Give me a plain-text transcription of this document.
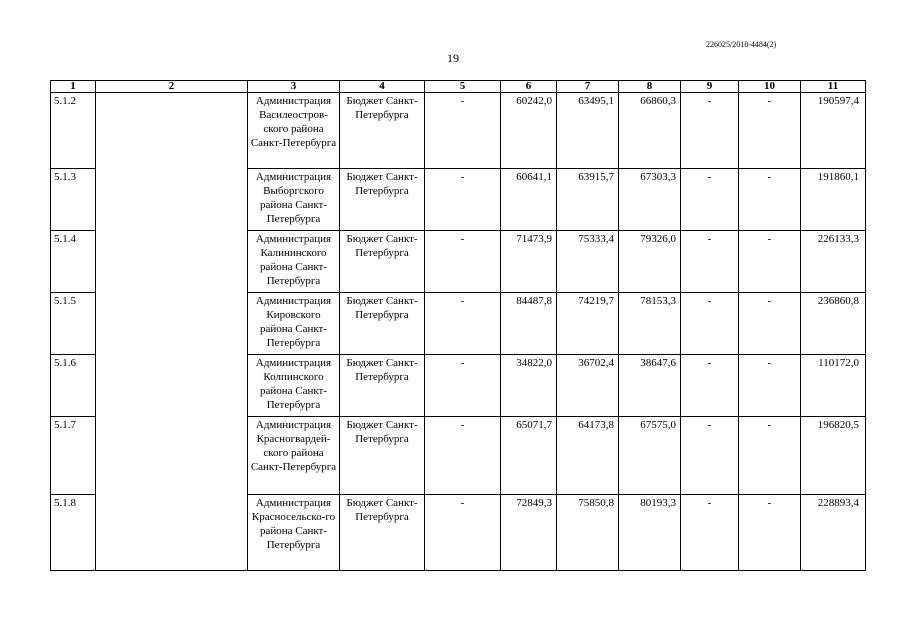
226025/2018-4484(2)
19
1	2	3	4	5	6	7	8	9	10	11
5.1.2		Администрация Василеостров-ского района Санкт-Петербурга	Бюджет Санкт-Петербурга	-	60242,0	63495,1	66860,3	-	-	190597,4
5.1.3		Администрация Выборгского района Санкт-Петербурга	Бюджет Санкт-Петербурга	-	60641,1	63915,7	67303,3	-	-	191860,1
5.1.4		Администрация Калининского района Санкт-Петербурга	Бюджет Санкт-Петербурга	-	71473,9	75333,4	79326,0	-	-	226133,3
5.1.5		Администрация Кировского района Санкт-Петербурга	Бюджет Санкт-Петербурга	-	84487,8	74219,7	78153,3	-	-	236860,8
5.1.6		Администрация Колпинского района Санкт-Петербурга	Бюджет Санкт-Петербурга	-	34822,0	36702,4	38647,6	-	-	110172,0
5.1.7		Администрация Красногвардей-ского района Санкт-Петербурга	Бюджет Санкт-Петербурга	-	65071,7	64173,8	67575,0	-	-	196820,5
5.1.8		Администрация Красносельско-го района Санкт-Петербурга	Бюджет Санкт-Петербурга	-	72849,3	75850,8	80193,3	-	-	228893,4
